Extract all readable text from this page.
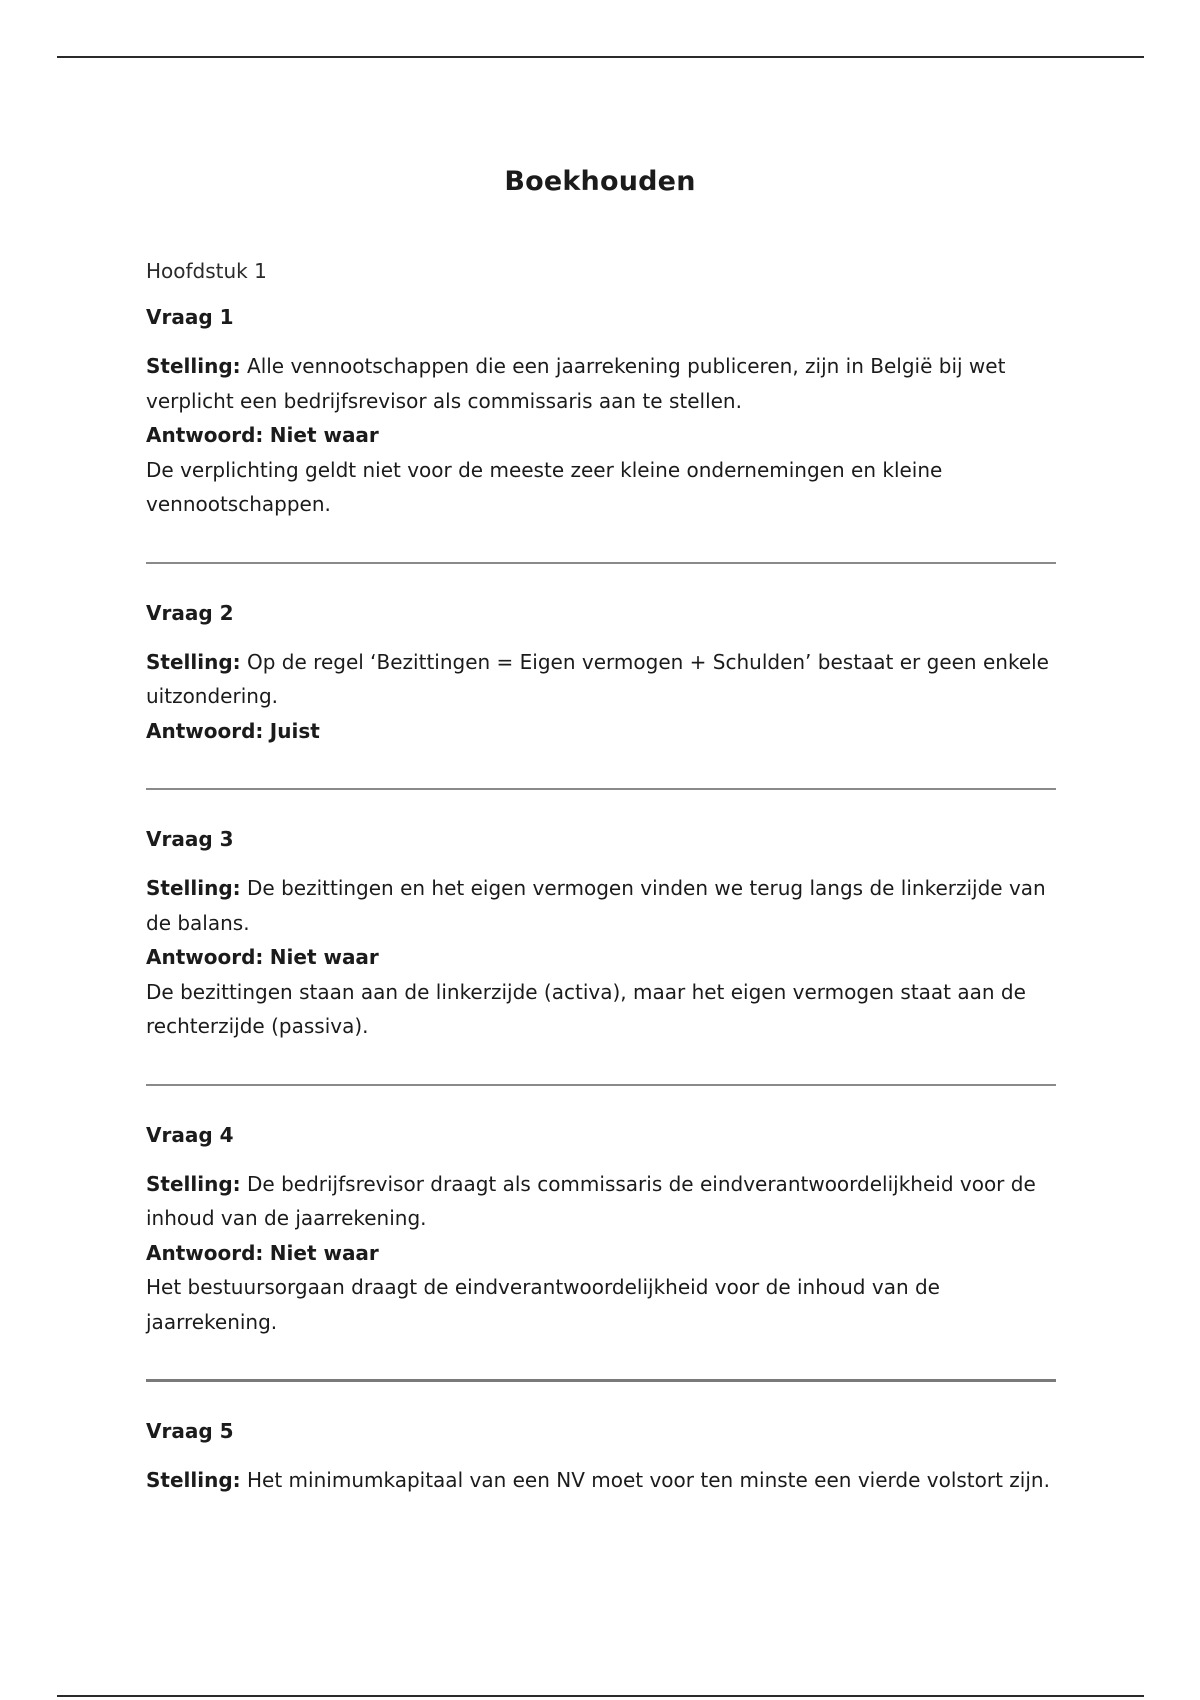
Boekhouden

Hoofdstuk 1

Vraag 1

Stelling: Alle vennootschappen die een jaarrekening publiceren, zijn in België bij wet verplicht een bedrijfsrevisor als commissaris aan te stellen.

Antwoord: Niet waar

De verplichting geldt niet voor de meeste zeer kleine ondernemingen en kleine vennootschappen.

Vraag 2

Stelling: Op de regel ‘Bezittingen = Eigen vermogen + Schulden’ bestaat er geen enkele uitzondering.

Antwoord: Juist

Vraag 3

Stelling: De bezittingen en het eigen vermogen vinden we terug langs de linkerzijde van de balans.

Antwoord: Niet waar

De bezittingen staan aan de linkerzijde (activa), maar het eigen vermogen staat aan de rechterzijde (passiva).

Vraag 4

Stelling: De bedrijfsrevisor draagt als commissaris de eindverantwoordelijkheid voor de inhoud van de jaarrekening.

Antwoord: Niet waar

Het bestuursorgaan draagt de eindverantwoordelijkheid voor de inhoud van de jaarrekening.

Vraag 5

Stelling: Het minimumkapitaal van een NV moet voor ten minste een vierde volstort zijn.
